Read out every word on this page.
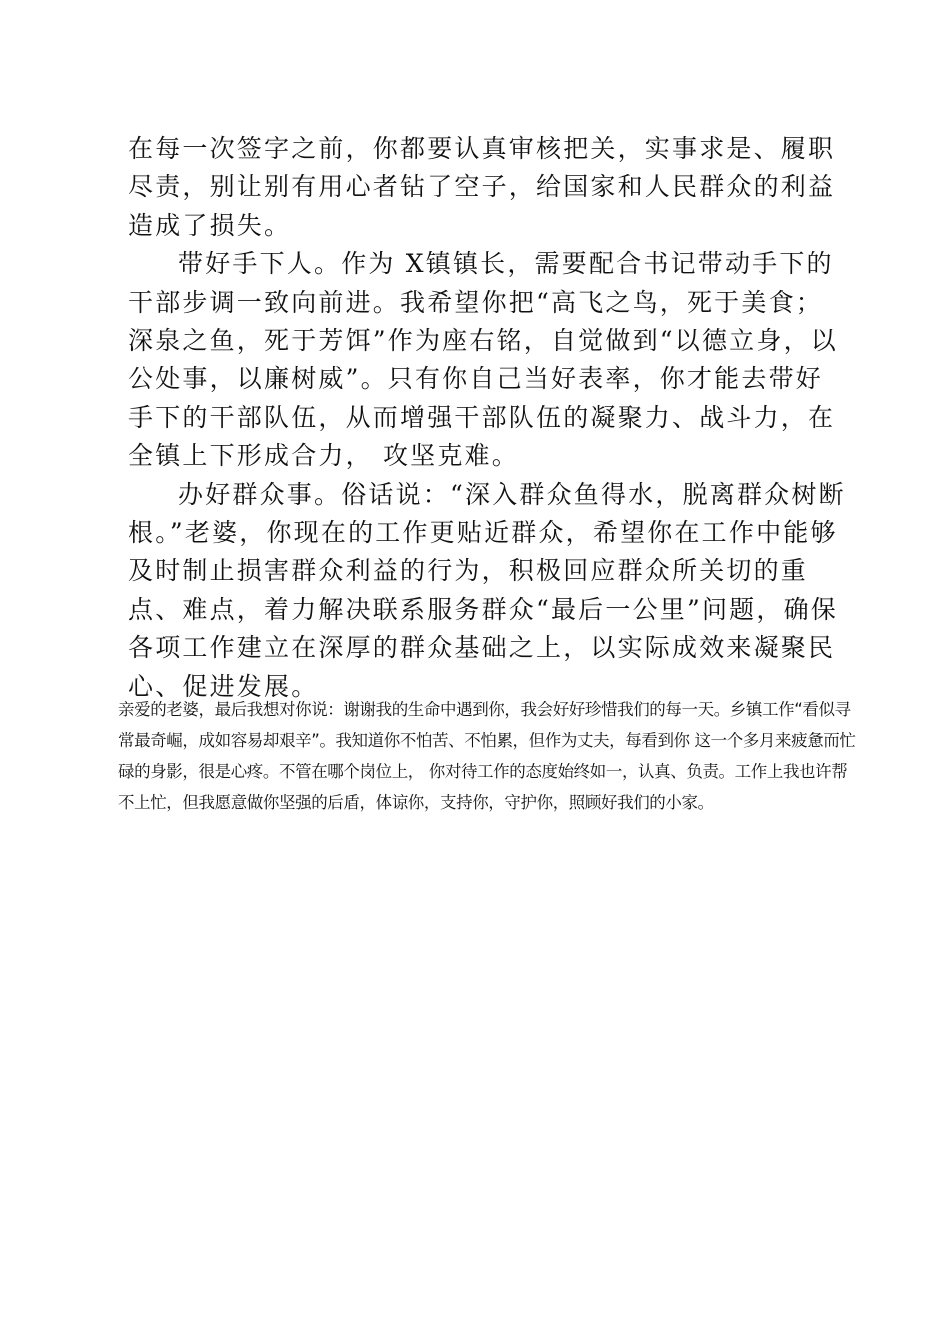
在每一次签字之前，你都要认真审核把关，实事求是、履职尽责，别让别有用心者钻了空子，给国家和人民群众的利益造成了损失。

带好手下人。作为 X镇镇长，需要配合书记带动手下的干部步调一致向前进。我希望你把“高飞之鸟，死于美食；深泉之鱼，死于芳饵”作为座右铭，自觉做到“以德立身，以公处事，以廉树威”。只有你自己当好表率，你才能去带好手下的干部队伍，从而增强干部队伍的凝聚力、战斗力，在全镇上下形成合力， 攻坚克难。

办好群众事。俗话说：“深入群众鱼得水，脱离群众树断根。”老婆，你现在的工作更贴近群众，希望你在工作中能够及时制止损害群众利益的行为，积极回应群众所关切的重点、难点，着力解决联系服务群众“最后一公里”问题，确保各项工作建立在深厚的群众基础之上，以实际成效来凝聚民心、促进发展。

亲爱的老婆，最后我想对你说：谢谢我的生命中遇到你，我会好好珍惜我们的每一天。乡镇工作“看似寻常最奇崛，成如容易却艰辛”。我知道你不怕苦、不怕累，但作为丈夫，每看到你 这一个多月来疲惫而忙碌的身影，很是心疼。不管在哪个岗位上， 你对待工作的态度始终如一，认真、负责。工作上我也许帮不上忙，但我愿意做你坚强的后盾，体谅你，支持你，守护你，照顾好我们的小家。
